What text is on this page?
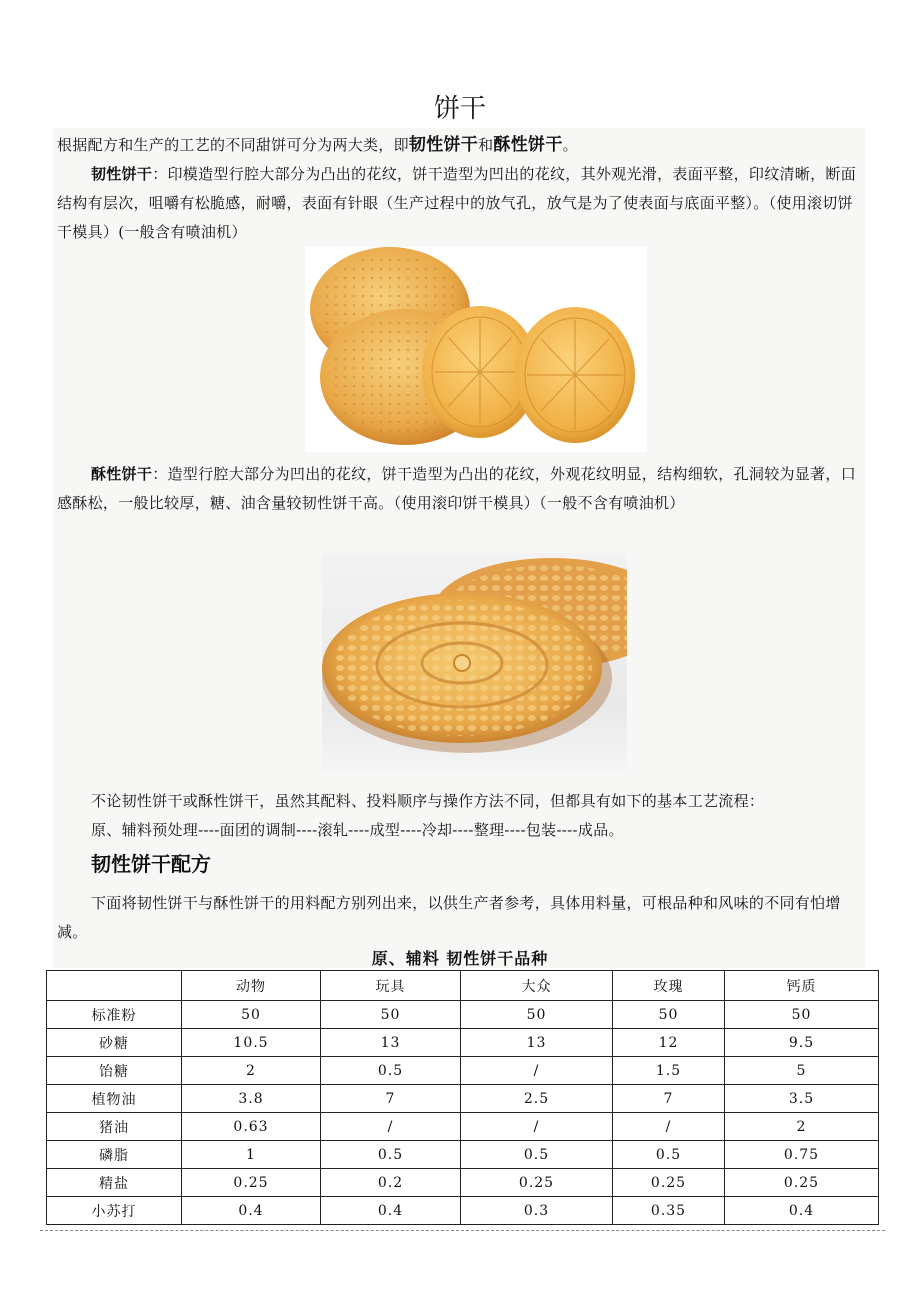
饼干
根据配方和生产的工艺的不同甜饼可分为两大类，即韧性饼干和酥性饼干。
韧性饼干：印模造型行腔大部分为凸出的花纹，饼干造型为凹出的花纹，其外观光滑，表面平整，印纹清晰，断面结构有层次，咀嚼有松脆感，耐嚼，表面有针眼（生产过程中的放气孔，放气是为了使表面与底面平整）。（使用滚切饼干模具）(一般含有喷油机）
酥性饼干：造型行腔大部分为凹出的花纹，饼干造型为凸出的花纹，外观花纹明显，结构细软，孔洞较为显著，口感酥松，一般比较厚，糖、油含量较韧性饼干高。（使用滚印饼干模具）（一般不含有喷油机）
不论韧性饼干或酥性饼干，虽然其配料、投料顺序与操作方法不同，但都具有如下的基本工艺流程：
原、辅料预处理----面团的调制----滚轧----成型----冷却----整理----包装----成品。
韧性饼干配方
下面将韧性饼干与酥性饼干的用料配方别列出来，以供生产者参考，具体用料量，可根品种和风味的不同有怕增减。
原、辅料 韧性饼干品种
	动物	玩具	大众	玫瑰	钙质
标准粉	50	50	50	50	50
砂糖	10.5	13	13	12	9.5
饴糖	2	0.5	/	1.5	5
植物油	3.8	7	2.5	7	3.5
猪油	0.63	/	/	/	2
磷脂	1	0.5	0.5	0.5	0.75
精盐	0.25	0.2	0.25	0.25	0.25
小苏打	0.4	0.4	0.3	0.35	0.4
